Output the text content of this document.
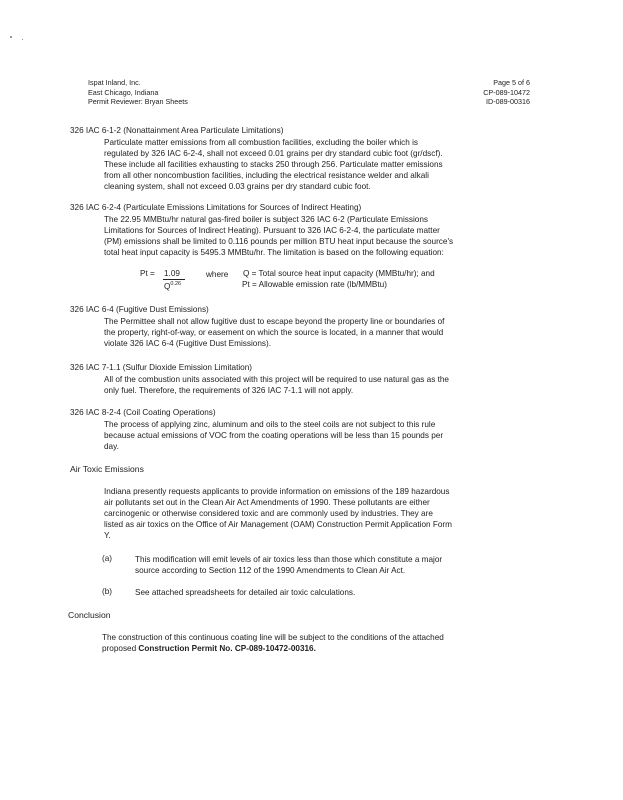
Ispat Inland, Inc.
East Chicago, Indiana
Permit Reviewer: Bryan Sheets
Page 5 of 6
CP-089-10472
ID-089-00316
326 IAC 6-1-2 (Nonattainment Area Particulate Limitations)
Particulate matter emissions from all combustion facilities, excluding the boiler which is
regulated by 326 IAC 6-2-4, shall not exceed 0.01 grains per dry standard cubic foot (gr/dscf).
These include all facilities exhausting to stacks 250 through 256. Particulate matter emissions
from all other noncombustion facilities, including the electrical resistance welder and alkali
cleaning system, shall not exceed 0.03 grains per dry standard cubic foot.
326 IAC 6-2-4 (Particulate Emissions Limitations for Sources of Indirect Heating)
The 22.95 MMBtu/hr natural gas-fired boiler is subject 326 IAC 6-2 (Particulate Emissions
Limitations for Sources of Indirect Heating). Pursuant to 326 IAC 6-2-4, the particulate matter
(PM) emissions shall be limited to 0.116 pounds per million BTU heat input because the source's
total heat input capacity is 5495.3 MMBtu/hr. The limitation is based on the following equation:
Pt = 1.09
$Q^{0.26}$
where Q = Total source heat input capacity (MMBtu/hr); and
Pt = Allowable emission rate (lb/MMBtu)
326 IAC 6-4 (Fugitive Dust Emissions)
The Permittee shall not allow fugitive dust to escape beyond the property line or boundaries of
the property, right-of-way, or easement on which the source is located, in a manner that would
violate 326 IAC 6-4 (Fugitive Dust Emissions).
326 IAC 7-1.1 (Sulfur Dioxide Emission Limitation)
All of the combustion units associated with this project will be required to use natural gas as the
only fuel. Therefore, the requirements of 326 IAC 7-1.1 will not apply.
326 IAC 8-2-4 (Coil Coating Operations)
The process of applying zinc, aluminum and oils to the steel coils are not subject to this rule
because actual emissions of VOC from the coating operations will be less than 15 pounds per
day.
Air Toxic Emissions
Indiana presently requests applicants to provide information on emissions of the 189 hazardous
air pollutants set out in the Clean Air Act Amendments of 1990. These pollutants are either
carcinogenic or otherwise considered toxic and are commonly used by industries. They are
listed as air toxics on the Office of Air Management (OAM) Construction Permit Application Form
Y.
(a)	This modification will emit levels of air toxics less than those which constitute a major
source according to Section 112 of the 1990 Amendments to Clean Air Act.
(b)	See attached spreadsheets for detailed air toxic calculations.
Conclusion
The construction of this continuous coating line will be subject to the conditions of the attached
proposed Construction Permit No. CP-089-10472-00316.
